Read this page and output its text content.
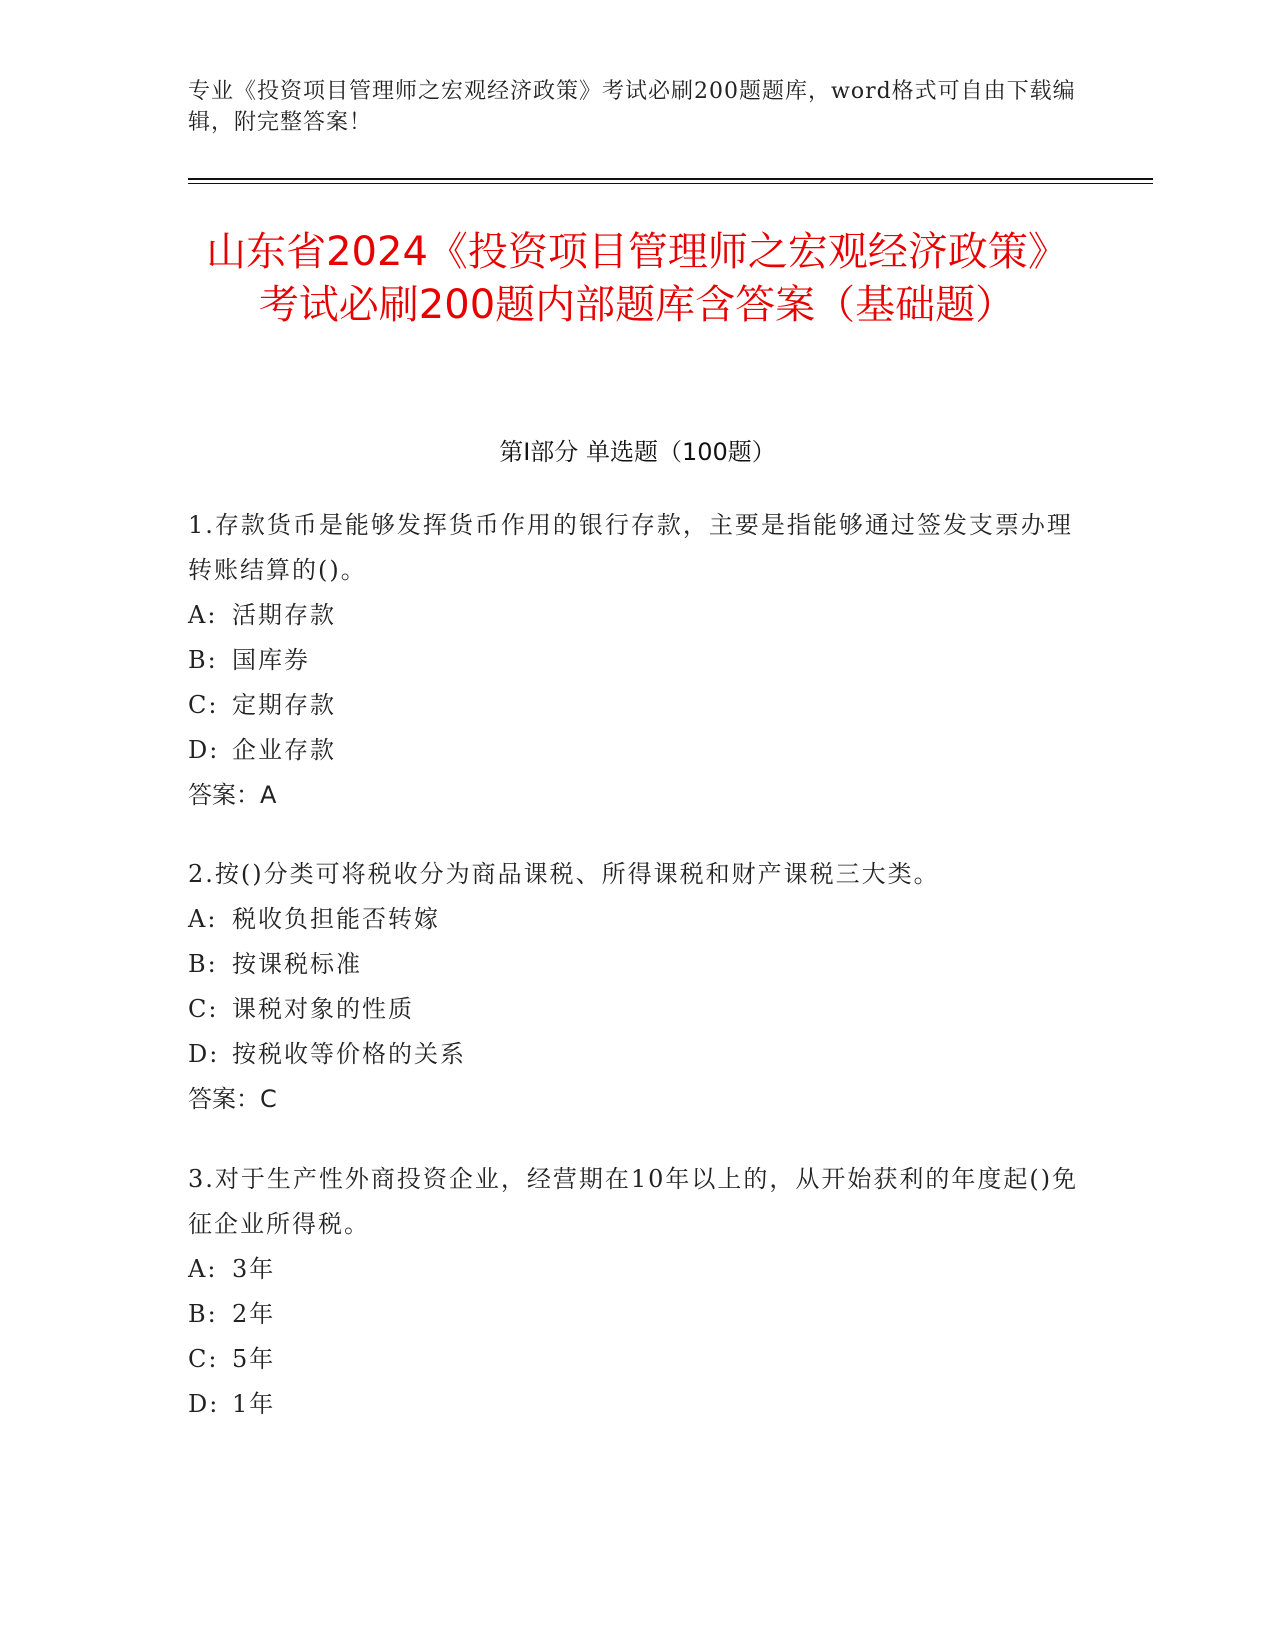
专业《投资项目管理师之宏观经济政策》考试必刷200题题库，word格式可自由下载编辑，附完整答案！
山东省2024《投资项目管理师之宏观经济政策》考试必刷200题内部题库含答案（基础题）
第I部分 单选题（100题）
1.存款货币是能够发挥货币作用的银行存款，主要是指能够通过签发支票办理转账结算的()。
A: 活期存款
B: 国库券
C: 定期存款
D: 企业存款
答案：A
2.按()分类可将税收分为商品课税、所得课税和财产课税三大类。
A: 税收负担能否转嫁
B: 按课税标准
C: 课税对象的性质
D: 按税收等价格的关系
答案：C
3.对于生产性外商投资企业，经营期在10年以上的，从开始获利的年度起()免征企业所得税。
A: 3年
B: 2年
C: 5年
D: 1年
